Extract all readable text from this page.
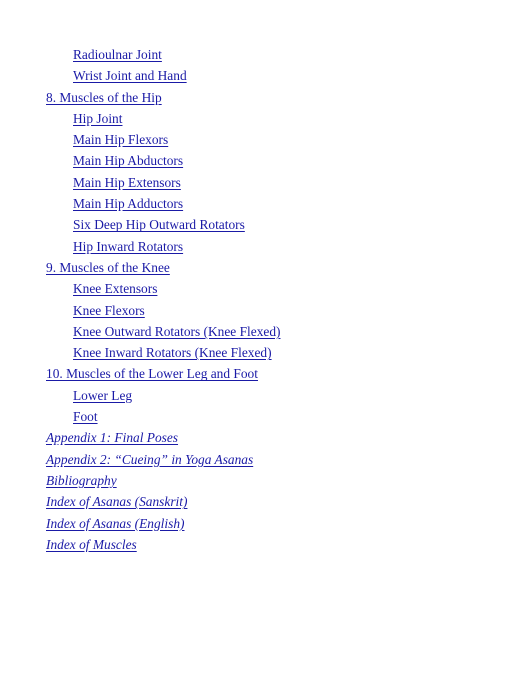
Radioulnar Joint
Wrist Joint and Hand
8. Muscles of the Hip
Hip Joint
Main Hip Flexors
Main Hip Abductors
Main Hip Extensors
Main Hip Adductors
Six Deep Hip Outward Rotators
Hip Inward Rotators
9. Muscles of the Knee
Knee Extensors
Knee Flexors
Knee Outward Rotators (Knee Flexed)
Knee Inward Rotators (Knee Flexed)
10. Muscles of the Lower Leg and Foot
Lower Leg
Foot
Appendix 1: Final Poses
Appendix 2: “Cueing” in Yoga Asanas
Bibliography
Index of Asanas (Sanskrit)
Index of Asanas (English)
Index of Muscles
